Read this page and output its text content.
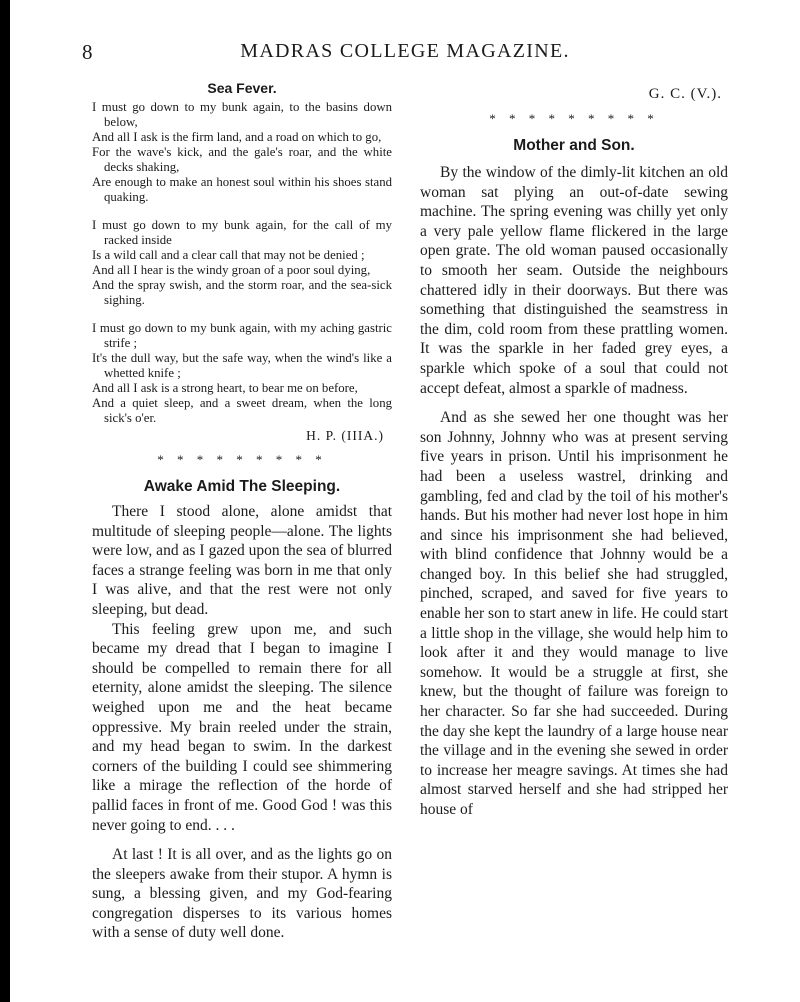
8	MADRAS COLLEGE MAGAZINE.
Sea Fever.
I must go down to my bunk again, to the basins down below,
And all I ask is the firm land, and a road on which to go,
For the wave's kick, and the gale's roar, and the white decks shaking,
Are enough to make an honest soul within his shoes stand quaking.
I must go down to my bunk again, for the call of my racked inside
Is a wild call and a clear call that may not be denied ;
And all I hear is the windy groan of a poor soul dying,
And the spray swish, and the storm roar, and the sea-sick sighing.
I must go down to my bunk again, with my aching gastric strife ;
It's the dull way, but the safe way, when the wind's like a whetted knife ;
And all I ask is a strong heart, to bear me on before,
And a quiet sleep, and a sweet dream, when the long sick's o'er.
H. P. (IIIA.)
* * * * * * * * *
Awake Amid The Sleeping.

There I stood alone, alone amidst that multitude of sleeping people—alone. The lights were low, and as I gazed upon the sea of blurred faces a strange feeling was born in me that only I was alive, and that the rest were not only sleeping, but dead.

This feeling grew upon me, and such became my dread that I began to imagine I should be compelled to remain there for all eternity, alone amidst the sleeping. The silence weighed upon me and the heat became oppressive. My brain reeled under the strain, and my head began to swim. In the darkest corners of the building I could see shimmering like a mirage the reflection of the horde of pallid faces in front of me. Good God ! was this never going to end. . . .

At last ! It is all over, and as the lights go on the sleepers awake from their stupor. A hymn is sung, a blessing given, and my God-fearing congregation disperses to its various homes with a sense of duty well done.

G. C. (V.).
* * * * * * * * *
Mother and Son.

By the window of the dimly-lit kitchen an old woman sat plying an out-of-date sewing machine. The spring evening was chilly yet only a very pale yellow flame flickered in the large open grate. The old woman paused occasionally to smooth her seam. Outside the neighbours chattered idly in their doorways. But there was something that distinguished the seamstress in the dim, cold room from these prattling women. It was the sparkle in her faded grey eyes, a sparkle which spoke of a soul that could not accept defeat, almost a sparkle of madness.

And as she sewed her one thought was her son Johnny, Johnny who was at present serving five years in prison. Until his imprisonment he had been a useless wastrel, drinking and gambling, fed and clad by the toil of his mother's hands. But his mother had never lost hope in him and since his imprisonment she had believed, with blind confidence that Johnny would be a changed boy. In this belief she had struggled, pinched, scraped, and saved for five years to enable her son to start anew in life. He could start a little shop in the village, she would help him to look after it and they would manage to live somehow. It would be a struggle at first, she knew, but the thought of failure was foreign to her character. So far she had succeeded. During the day she kept the laundry of a large house near the village and in the evening she sewed in order to increase her meagre savings. At times she had almost starved herself and she had stripped her house of
